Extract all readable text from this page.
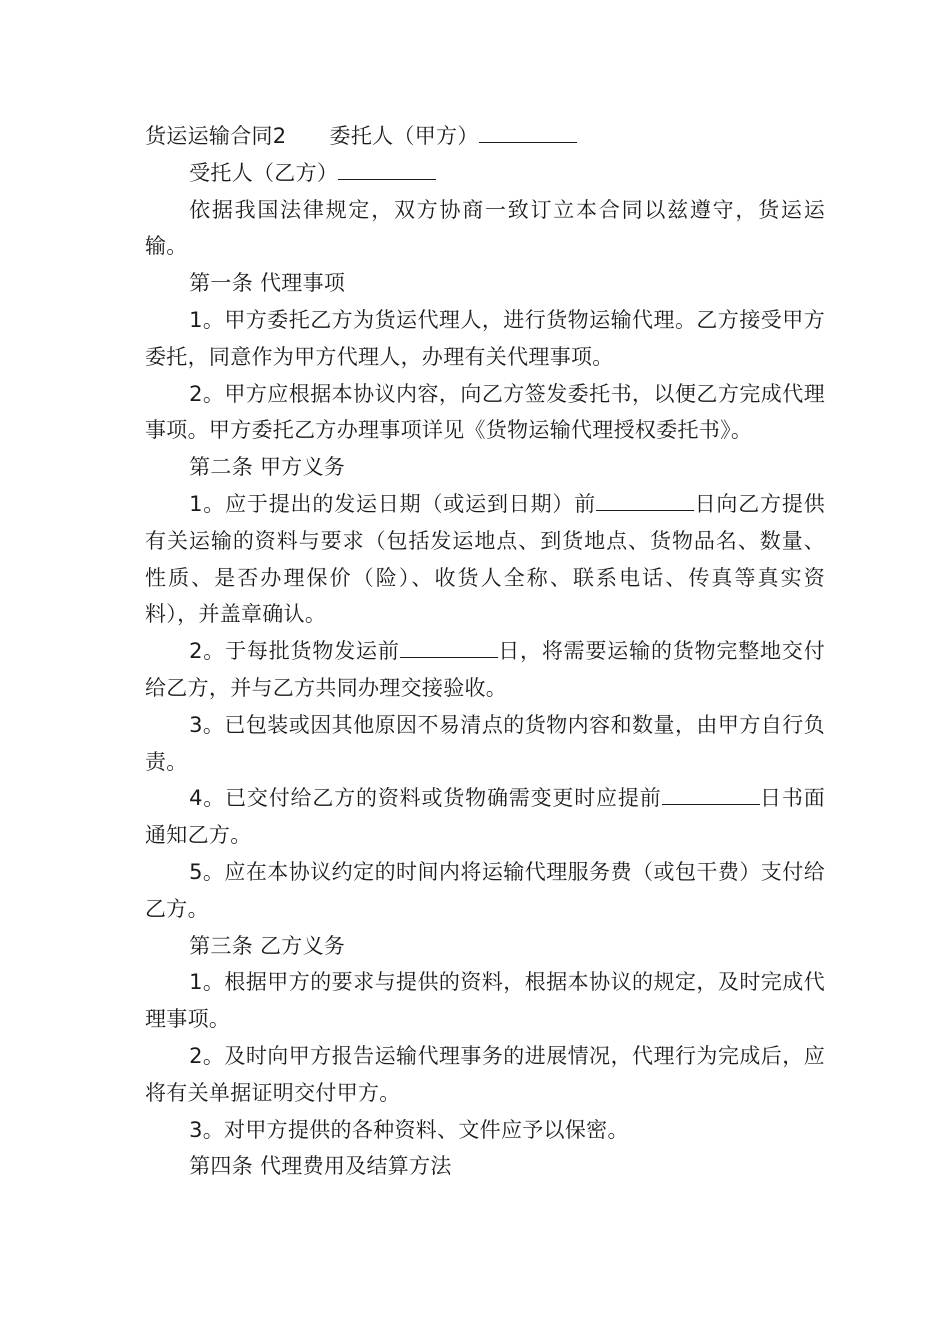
货运运输合同2 委托人（甲方）

受托人（乙方）

依据我国法律规定，双方协商一致订立本合同以兹遵守，货运运输。

第一条 代理事项

1。甲方委托乙方为货运代理人，进行货物运输代理。乙方接受甲方委托，同意作为甲方代理人，办理有关代理事项。

2。甲方应根据本协议内容，向乙方签发委托书，以便乙方完成代理事项。甲方委托乙方办理事项详见《货物运输代理授权委托书》。

第二条 甲方义务

1。应于提出的发运日期（或运到日期）前	日向乙方提供有关运输的资料与要求（包括发运地点、到货地点、货物品名、数量、性质、是否办理保价（险）、收货人全称、联系电话、传真等真实资料），并盖章确认。

2。于每批货物发运前	日，将需要运输的货物完整地交付给乙方，并与乙方共同办理交接验收。

3。已包装或因其他原因不易清点的货物内容和数量，由甲方自行负责。

4。已交付给乙方的资料或货物确需变更时应提前	日书面通知乙方。

5。应在本协议约定的时间内将运输代理服务费（或包干费）支付给乙方。

第三条 乙方义务

1。根据甲方的要求与提供的资料，根据本协议的规定，及时完成代理事项。

2。及时向甲方报告运输代理事务的进展情况，代理行为完成后，应将有关单据证明交付甲方。

3。对甲方提供的各种资料、文件应予以保密。

第四条 代理费用及结算方法
